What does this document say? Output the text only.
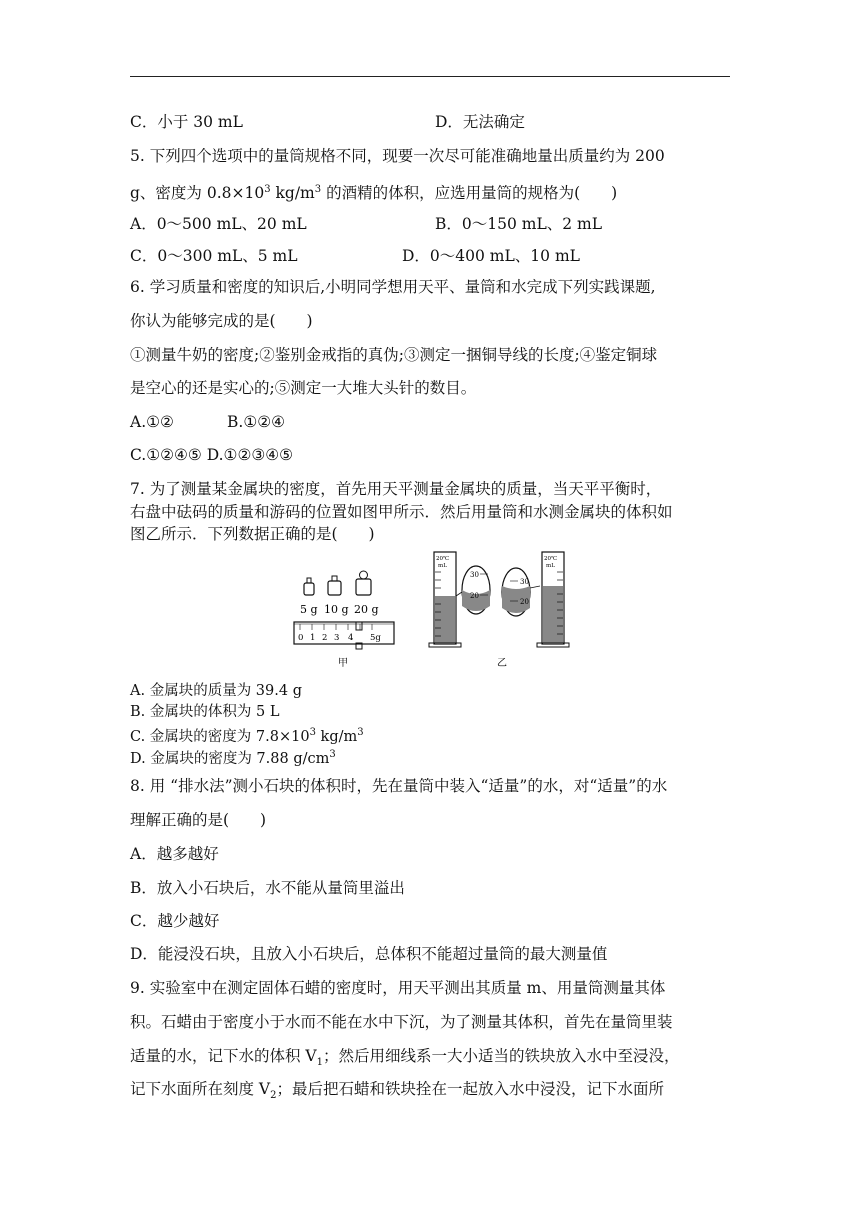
C．小于 30 mL	D．无法确定
5. 下列四个选项中的量筒规格不同，现要一次尽可能准确地量出质量约为 200
g、密度为 $0.8\times 10^3$ $kg/m^3$ 的酒精的体积，应选用量筒的规格为(　　)
A．0～500 mL、20 mL	B．0～150 mL、2 mL
C．0～300 mL、5 mL	D．0～400 mL、10 mL
6. 学习质量和密度的知识后,小明同学想用天平、量筒和水完成下列实践课题,
你认为能够完成的是(　　)
①测量牛奶的密度;②鉴别金戒指的真伪;③测定一捆铜导线的长度;④鉴定铜球
是空心的还是实心的;⑤测定一大堆大头针的数目。
A.①②	B.①②④
C.①②④⑤ D.①②③④⑤
7. 为了测量某金属块的密度，首先用天平测量金属块的质量，当天平平衡时，
右盘中砝码的质量和游码的位置如图甲所示．然后用量筒和水测金属块的体积如
图乙所示．下列数据正确的是(　　)
5 g 10 g 20 g
0 1 2 3 4 5g
甲
20℃
mL
30
20
30
20
20℃
mL
乙
A. 金属块的质量为 39.4 g
B. 金属块的体积为 5 L
C. 金属块的密度为 $7.8\times 10^3$ $kg/m^3$
D. 金属块的密度为 7.88 $g/cm^3$
8. 用 “排水法”测小石块的体积时，先在量筒中装入“适量”的水，对“适量”的水
理解正确的是(　　)
A．越多越好
B．放入小石块后，水不能从量筒里溢出
C．越少越好
D．能浸没石块，且放入小石块后，总体积不能超过量筒的最大测量值
9. 实验室中在测定固体石蜡的密度时，用天平测出其质量 m、用量筒测量其体
积。石蜡由于密度小于水而不能在水中下沉，为了测量其体积，首先在量筒里装
适量的水，记下水的体积 $V_1$；然后用细线系一大小适当的铁块放入水中至浸没，
记下水面所在刻度 $V_2$；最后把石蜡和铁块拴在一起放入水中浸没，记下水面所
